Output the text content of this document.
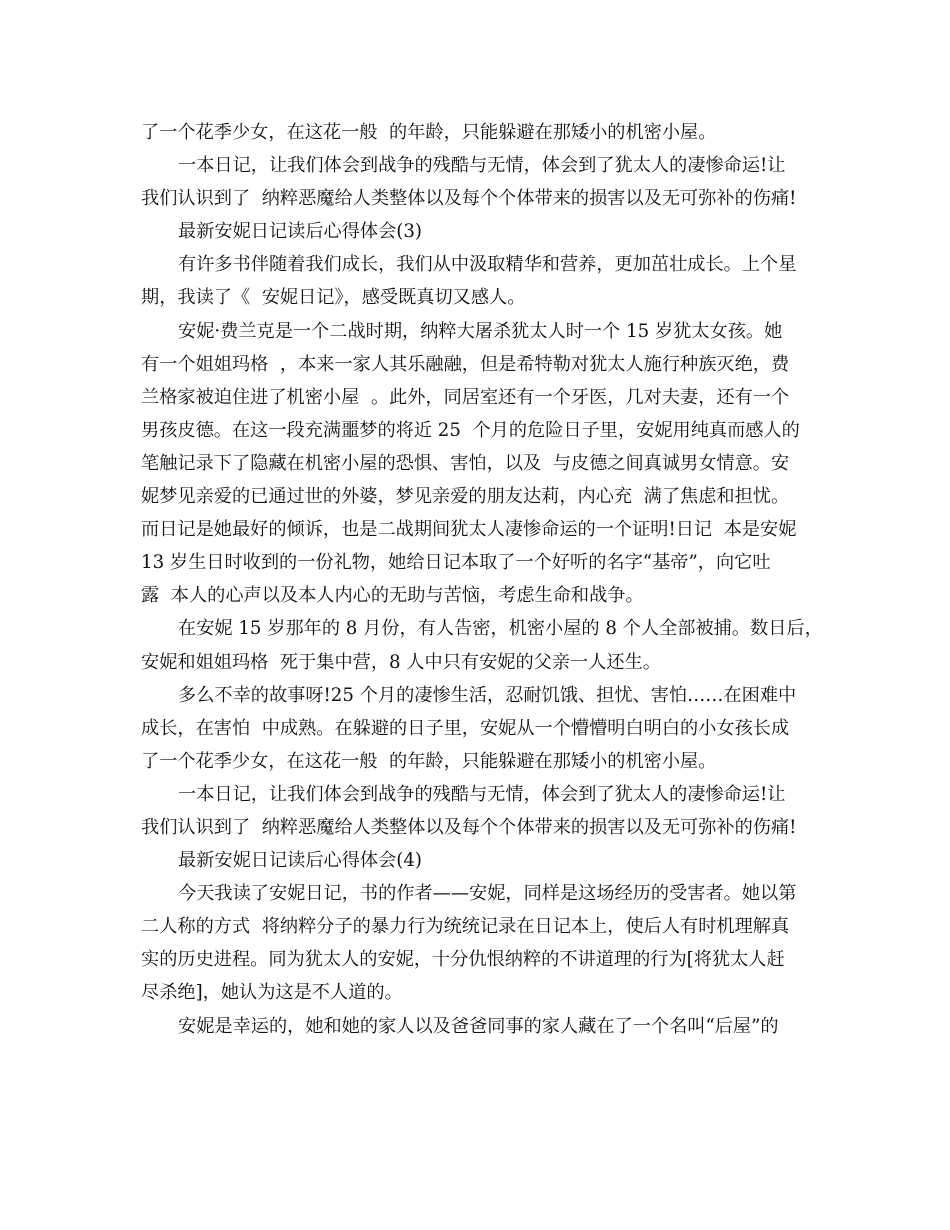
了一个花季少女，在这花一般  的年龄，只能躲避在那矮小的机密小屋。
一本日记，让我们体会到战争的残酷与无情，体会到了犹太人的凄惨命运!让
我们认识到了  纳粹恶魔给人类整体以及每个个体带来的损害以及无可弥补的伤痛!
最新安妮日记读后心得体会(3)
有许多书伴随着我们成长，我们从中汲取精华和营养，更加茁壮成长。上个星
期，我读了《  安妮日记》，感受既真切又感人。
安妮·费兰克是一个二战时期，纳粹大屠杀犹太人时一个 15 岁犹太女孩。她
有一个姐姐玛格  ，本来一家人其乐融融，但是希特勒对犹太人施行种族灭绝，费
兰格家被迫住进了机密小屋  。此外，同居室还有一个牙医，几对夫妻，还有一个
男孩皮德。在这一段充满噩梦的将近 25  个月的危险日子里，安妮用纯真而感人的
笔触记录下了隐藏在机密小屋的恐惧、害怕，以及  与皮德之间真诚男女情意。安
妮梦见亲爱的已通过世的外婆，梦见亲爱的朋友达莉，内心充  满了焦虑和担忧。
而日记是她最好的倾诉，也是二战期间犹太人凄惨命运的一个证明!日记  本是安妮
13 岁生日时收到的一份礼物，她给日记本取了一个好听的名字“基帝”，向它吐
露  本人的心声以及本人内心的无助与苦恼，考虑生命和战争。
在安妮 15 岁那年的 8 月份，有人告密，机密小屋的 8 个人全部被捕。数日后，
安妮和姐姐玛格  死于集中营，8 人中只有安妮的父亲一人还生。
多么不幸的故事呀!25 个月的凄惨生活，忍耐饥饿、担忧、害怕……在困难中
成长，在害怕  中成熟。在躲避的日子里，安妮从一个懵懵明白明白的小女孩长成
了一个花季少女，在这花一般  的年龄，只能躲避在那矮小的机密小屋。
一本日记，让我们体会到战争的残酷与无情，体会到了犹太人的凄惨命运!让
我们认识到了  纳粹恶魔给人类整体以及每个个体带来的损害以及无可弥补的伤痛!
最新安妮日记读后心得体会(4)
今天我读了安妮日记，书的作者——安妮，同样是这场经历的受害者。她以第
二人称的方式  将纳粹分子的暴力行为统统记录在日记本上，使后人有时机理解真
实的历史进程。同为犹太人的安妮，十分仇恨纳粹的不讲道理的行为[将犹太人赶
尽杀绝]，她认为这是不人道的。
安妮是幸运的，她和她的家人以及爸爸同事的家人藏在了一个名叫“后屋”的
